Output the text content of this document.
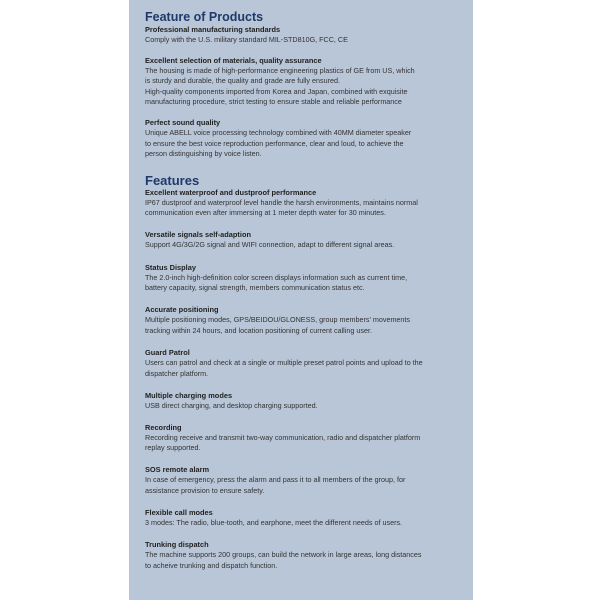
Feature of Products
Professional manufacturing standards
Comply with the U.S. military standard MIL-STD810G, FCC, CE
Excellent selection of materials, quality assurance
The housing is made of high-performance engineering plastics of GE from US, which
is sturdy and durable, the quality and grade are fully ensured.
High-quality components imported from Korea and Japan, combined with exquisite
manufacturing procedure, strict testing to ensure stable and reliable performance
Perfect sound quality
Unique ABELL voice processing technology combined with 40MM diameter speaker
to ensure the best voice reproduction performance, clear and loud, to achieve the
person distinguishing by voice listen.
Features
Excellent waterproof and dustproof performance
IP67 dustproof and waterproof level handle the harsh environments, maintains normal
communication even after immersing at 1 meter depth water for 30 minutes.
Versatile signals self-adaption
Support 4G/3G/2G signal and WIFI connection, adapt to different signal areas.
Status Display
The 2.0-inch high-definition color screen displays information such as current time,
battery capacity, signal strength, members communication status etc.
Accurate positioning
Multiple positioning modes, GPS/BEIDOU/GLONESS, group members' movements
tracking within 24 hours, and location positioning of current calling user.
Guard Patrol
Users can patrol and check at a single or multiple preset patrol points and upload to the
dispatcher platform.
Multiple charging modes
USB direct charging, and desktop charging supported.
Recording
Recording receive and transmit two-way communication, radio and dispatcher platform
replay supported.
SOS remote alarm
In case of emergency, press the alarm and pass it to all members of the group, for
assistance provision to ensure safety.
Flexible call modes
3 modes: The radio, blue-tooth, and earphone, meet the different needs of users.
Trunking dispatch
The machine supports 200 groups, can build the network in large areas, long distances
to acheive trunking and dispatch function.
